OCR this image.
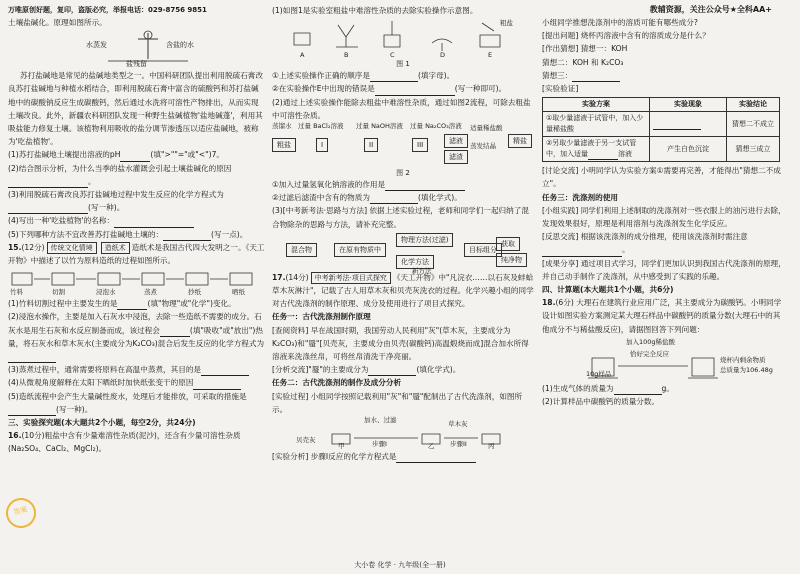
万唯原创好题，复印，盗版必究，举报电话：029-8756 9851

土壤盐碱化。原理如图所示。

水蒸发	含盐的水
盐残留

苏打盐碱地是常见的盐碱地类型之一。中国科研团队提出利用脱硫石膏改良苏打盐碱地与种植水稻结合，即利用脱硫石膏中富含的硫酸钙和苏打盐碱地中的碳酸钠反应生成碳酸钙，然后通过水洗将可溶性产物排出，从而实现土壤改良。此外，新疆农科研团队发现一种野生盐碱植物'盐地碱蓬'，利用其吸盐能力修复土壤。该植物利用吸收的盐分调节渗透压以适应盐碱地，被称为'吃盐植物'。

(1)苏打盐碱地土壤提出溶液的pH	(填">""="或"<")7。

(2)结合图示分析，为什么当季的盐水灌溉会引起土壤盐碱化的原因。

(3)利用脱硫石膏改良苏打盐碱地过程中发生反应的化学方程式为(写一种)。

(4)写出一种'吃盐植物'的名称：

(5)下列哪种方法不宜改善苏打盐碱地土壤的：	(写一点)。

15.(12分) 传统文化情境 造纸术 造纸术是我国古代四大发明之一。《天工开物》中描述了以竹为原料造纸的过程如图所示。

竹料	切割	浸泡水	蒸煮	抄纸	晒纸

(1)竹料切割过程中主要发生的是	(填"物理"或"化学")变化。

(2)浸泡水操作，主要是加入石灰水中浸泡，去除一些造纸不需要的成分。石灰水是用生石灰和水反应制备而成，该过程会	(填"吸收"或"放出")热量，将石灰水和草木灰水(主要成分为K₂CO₃)混合后发生反应的化学方程式为

(3)蒸煮过程中，通常需要将原料在高温中蒸煮，其目的是

(4)从微观角度解释在太阳下晒纸时加快纸张变干的原因

(5)造纸流程中会产生大量碱性废水，处理后才能排放，可采取的措施是(写一种)。

三、实验探究题(本大题共2个小题，每空2分，共24分)

16.(10分)粗盐中含有少量难溶性杂质(泥沙)，还含有少量可溶性杂质(Na₂SO₄、CaCl₂、MgCl₂)。

(1)如图1是实验室粗盐中难溶性杂质的去除实验操作示意图。

A	B	C	D	E
粗盐

图 1

①上述实验操作正确的顺序是	(填字母)。

②在实验操作E中出现的错误是	(写一种即可)。

(2)通过上述实验操作能除去粗盐中难溶性杂质，通过如图2流程，可除去粗盐中可溶性杂质。

蒸馏水 过量 BaCl₂溶液 过量 NaOH溶液 过量 Na₂CO₃溶液
粗盐	I	II	III	滤液
滤渣
适量稀盐酸
蒸发结晶
精盐

图 2

①加入过量氢氧化钠溶液的作用是

②过滤后滤渣中含有的物质为	(填化学式)。

(3)[中考新考法·思路与方法] 依据上述实验过程，老师和同学们一起归纳了混合物除杂的思路与方法，请补充完整。

混合物	在原有物质中
物理方法(过滤)
化学方法
目标组分
获取
纯净物
新方法

17.(14分) 中考新考法·项目式探究 《天工开物》中"凡浣衣……以石灰及蚌蛤草木灰淋汁"，记载了古人用草木灰和贝壳灰洗衣的过程。化学兴趣小组的同学对古代洗涤剂的制作原理、成分及使用进行了项目式探究。

任务一：古代洗涤剂制作原理

[查阅资料] 早在战国时期，我国劳动人民利用"灰"(草木灰，主要成分为K₂CO₃)和"蜃"[贝壳灰，主要成分由贝壳(碳酸钙)高温煅烧而成]混合加水所得溶液来洗涤丝帛，可将丝帛清洗干净亮丽。

[分析交流]"蜃"的主要成分为	(填化学式)。

任务二：古代洗涤剂的制作及成分分析

[实验过程] 小组同学按照记载利用"灰"和"蜃"配制出了古代洗涤剂，如图所示。

贝壳灰
加水、过滤
步骤I
甲
草木灰
步骤II
乙	丙

[实验分析] 步骤Ⅰ反应的化学方程式是

教辅资源，关注公众号★全科AA+

小组同学推想洗涤剂中的溶质可能有哪些成分?

[提出问题] 烧杯丙溶液中含有的溶质成分是什么？

[作出猜想] 猜想一：KOH

猜想二：KOH 和 K₂CO₃

猜想三：

[实验验证]

实验方案	实验现象	实验结论
①取少量滤液于试管中，加入少量稀盐酸		猜想二不成立
②另取少量滤液于另一支试管中，加入适量 溶液	产生白色沉淀	猜想三成立

[讨论交流] 小明同学认为实验方案①需要再完善，才能得出"猜想二不成立"。

任务三：洗涤剂的使用

[小组实践] 同学们利用上述制取的洗涤剂对一些衣服上的油污进行去除，发现效果很好，原理是利用溶剂与洗涤剂发生化学反应。

[反思交流] 根据该洗涤剂的成分推理，使用该洗涤剂时需注意。

[成果分享] 通过项目式学习，同学们更加认识到我国古代洗涤剂的原理，并自己动手制作了洗涤剂，从中感受到了实践的乐趣。

四、计算题(本大题共1个小题，共6分)

18.(6分) 大理石在建筑行业应用广泛，其主要成分为碳酸钙。小明同学设计如图实验方案测定某大理石样品中碳酸钙的质量分数(大理石中的其他成分不与稀盐酸反应)，请据图回答下列问题：

加入100g稀盐酸
恰好完全反应
10g样品
烧杯内剩余物质
总质量为106.48g

(1)生成气体的质量为	g。

(2)计算样品中碳酸钙的质量分数。

答案
大小卷 化学 · 九年级(全一册)
